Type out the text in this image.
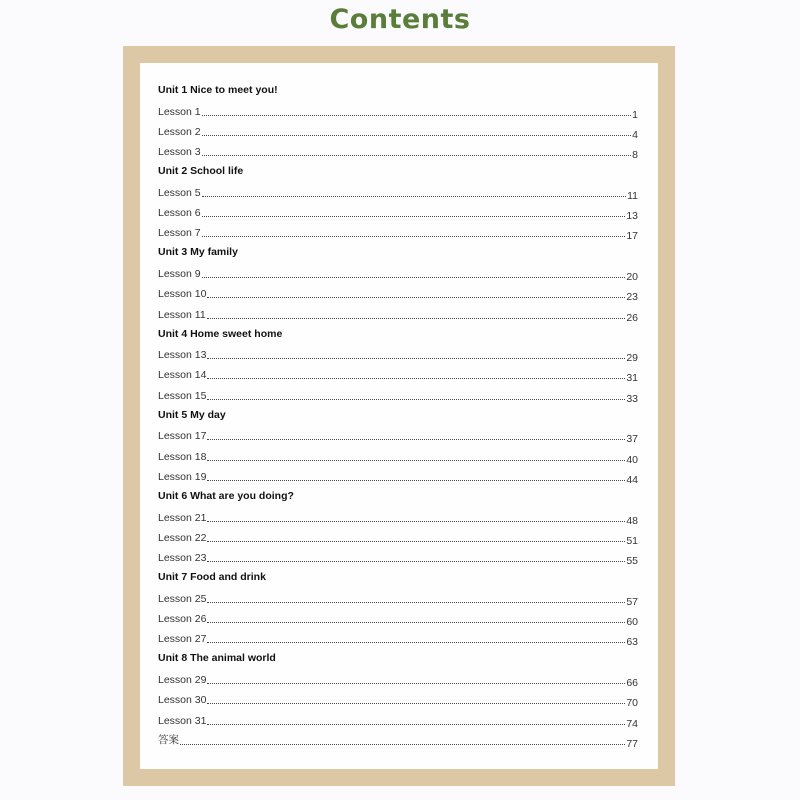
Contents
Unit 1 Nice to meet you!
Lesson 1	1
Lesson 2	4
Lesson 3	8
Unit 2 School life
Lesson 5	11
Lesson 6	13
Lesson 7	17
Unit 3 My family
Lesson 9	20
Lesson 10	23
Lesson 11	26
Unit 4 Home sweet home
Lesson 13	29
Lesson 14	31
Lesson 15	33
Unit 5 My day
Lesson 17	37
Lesson 18	40
Lesson 19	44
Unit 6 What are you doing?
Lesson 21	48
Lesson 22	51
Lesson 23	55
Unit 7 Food and drink
Lesson 25	57
Lesson 26	60
Lesson 27	63
Unit 8 The animal world
Lesson 29	66
Lesson 30	70
Lesson 31	74
答案	77
